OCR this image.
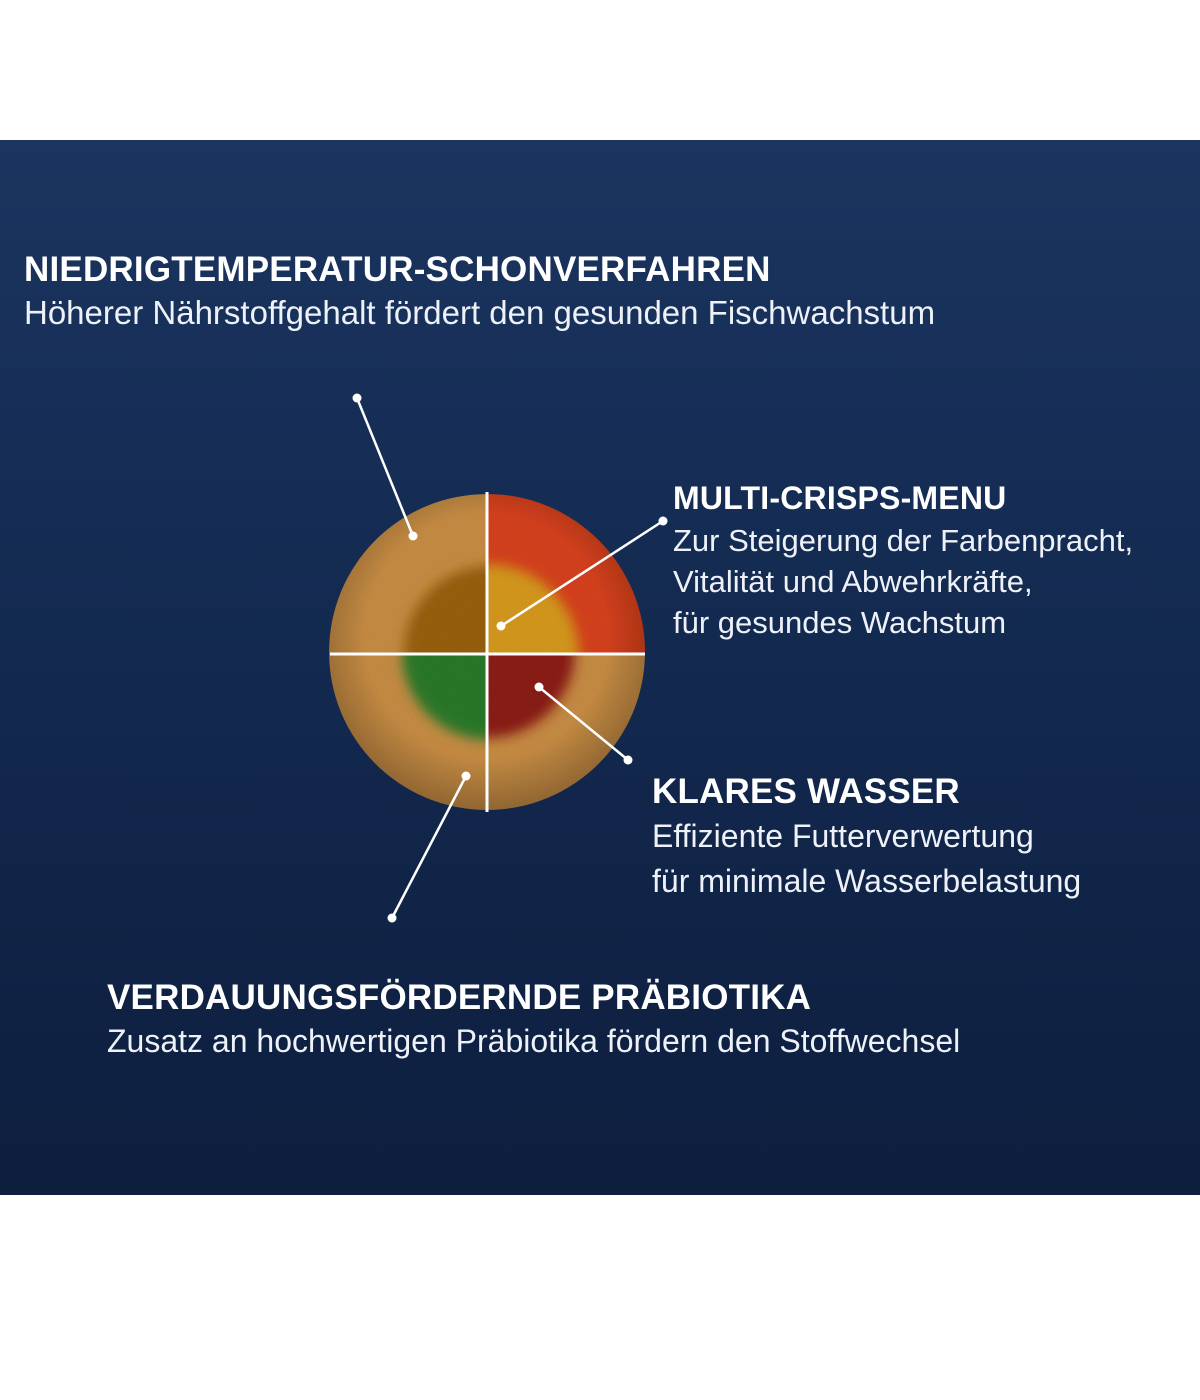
NIEDRIGTEMPERATUR-SCHONVERFAHREN
Höherer Nährstoffgehalt fördert den gesunden Fischwachstum
MULTI-CRISPS-MENU
Zur Steigerung der Farbenpracht,
Vitalität und Abwehrkräfte,
für gesundes Wachstum
KLARES WASSER
Effiziente Futterverwertung
für minimale Wasserbelastung
VERDAUUNGSFÖRDERNDE PRÄBIOTIKA
Zusatz an hochwertigen Präbiotika fördern den Stoffwechsel
